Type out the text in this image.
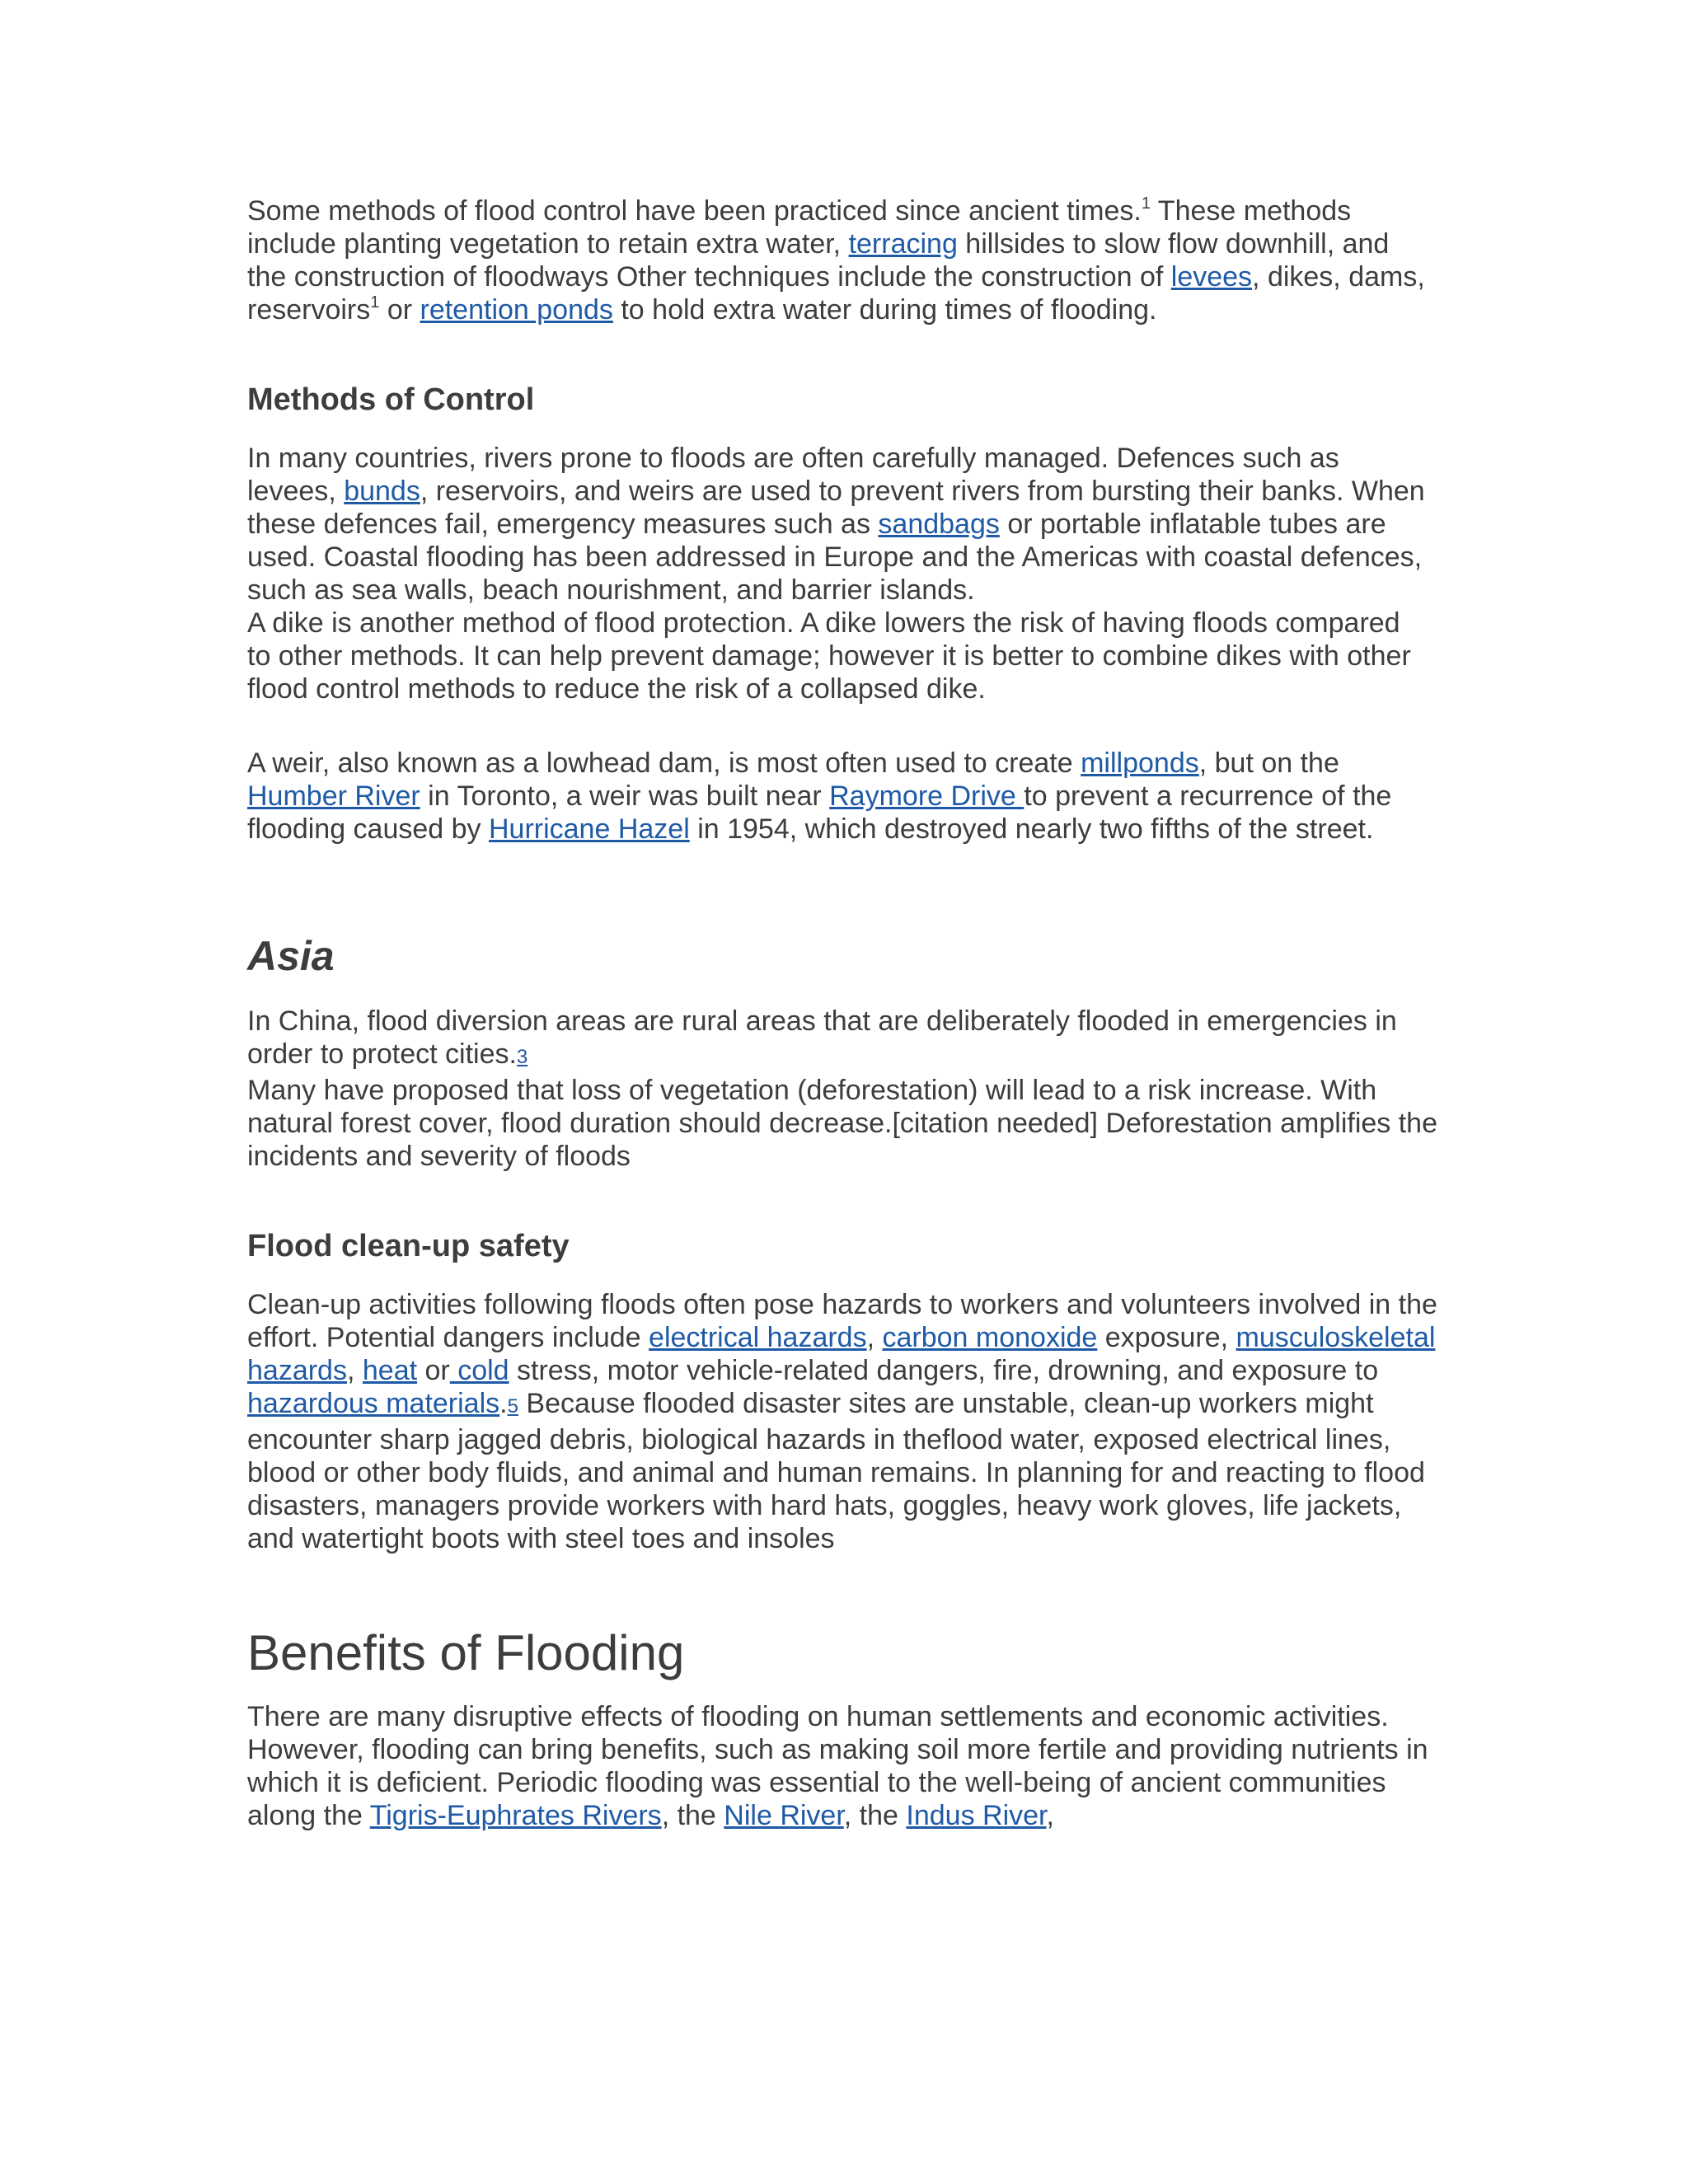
Some methods of flood control have been practiced since ancient times.$^1$ These methods include planting vegetation to retain extra water, terracing hillsides to slow flow downhill, and the construction of floodways Other techniques include the construction of levees, dikes, dams, reservoirs$^1$ or retention ponds to hold extra water during times of flooding.

Methods of Control

In many countries, rivers prone to floods are often carefully managed. Defences such as levees, bunds, reservoirs, and weirs are used to prevent rivers from bursting their banks. When these defences fail, emergency measures such as sandbags or portable inflatable tubes are used. Coastal flooding has been addressed in Europe and the Americas with coastal defences, such as sea walls, beach nourishment, and barrier islands.

A dike is another method of flood protection. A dike lowers the risk of having floods compared to other methods. It can help prevent damage; however it is better to combine dikes with other flood control methods to reduce the risk of a collapsed dike.

A weir, also known as a lowhead dam, is most often used to create millponds, but on the Humber River in Toronto, a weir was built near Raymore Drive to prevent a recurrence of the flooding caused by Hurricane Hazel in 1954, which destroyed nearly two fifths of the street.

Asia

In China, flood diversion areas are rural areas that are deliberately flooded in emergencies in order to protect cities.3

Many have proposed that loss of vegetation (deforestation) will lead to a risk increase. With natural forest cover, flood duration should decrease.[citation needed] Deforestation amplifies the incidents and severity of floods

Flood clean-up safety

Clean-up activities following floods often pose hazards to workers and volunteers involved in the effort. Potential dangers include electrical hazards, carbon monoxide exposure, musculoskeletal hazards, heat or cold stress, motor vehicle-related dangers, fire, drowning, and exposure to hazardous materials.5 Because flooded disaster sites are unstable, clean-up workers might encounter sharp jagged debris, biological hazards in theflood water, exposed electrical lines, blood or other body fluids, and animal and human remains. In planning for and reacting to flood disasters, managers provide workers with hard hats, goggles, heavy work gloves, life jackets, and watertight boots with steel toes and insoles

Benefits of Flooding

There are many disruptive effects of flooding on human settlements and economic activities. However, flooding can bring benefits, such as making soil more fertile and providing nutrients in which it is deficient. Periodic flooding was essential to the well-being of ancient communities along the Tigris-Euphrates Rivers, the Nile River, the Indus River,
